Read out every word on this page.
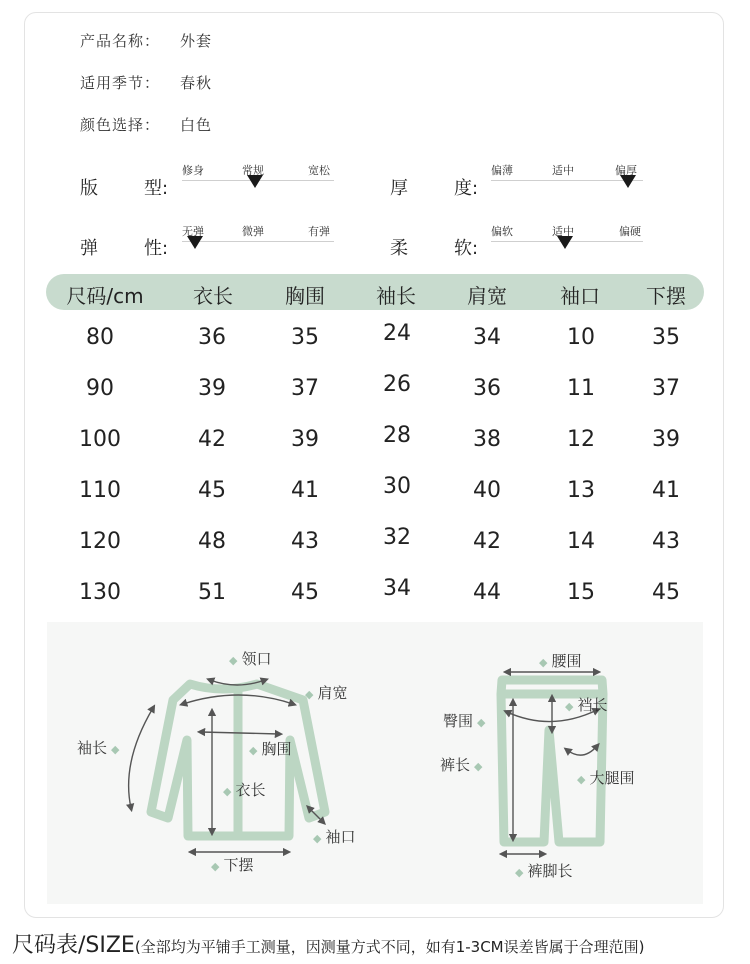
产品名称： 外套
适用季节： 春秋
颜色选择： 白色
版	型:
修身	常规	宽松
厚	度:
偏薄	适中	偏厚
弹	性:
无弹	微弹	有弹
柔	软:
偏软	适中	偏硬
尺码/cm 衣长	胸围	袖长	肩宽	袖口 下摆
80	36	35	24	34	10	35
90	39	37	26	36	11	37
100	42	39	28	38	12	39
110	45	41	30	40	13	41
120	48	43	32	42	14	43
130	51	45	34	44	15	45
◆ 领口
◆ 肩宽
袖长 ◆	◆ 胸围
◆ 衣长
◆ 袖口
◆ 下摆
◆ 腰围
◆ 裆长
臀围 ◆
裤长 ◆
◆ 大腿围
◆ 裤脚长
尺码表/SIZE(全部均为平铺手工测量，因测量方式不同，如有1-3CM误差皆属于合理范围)
